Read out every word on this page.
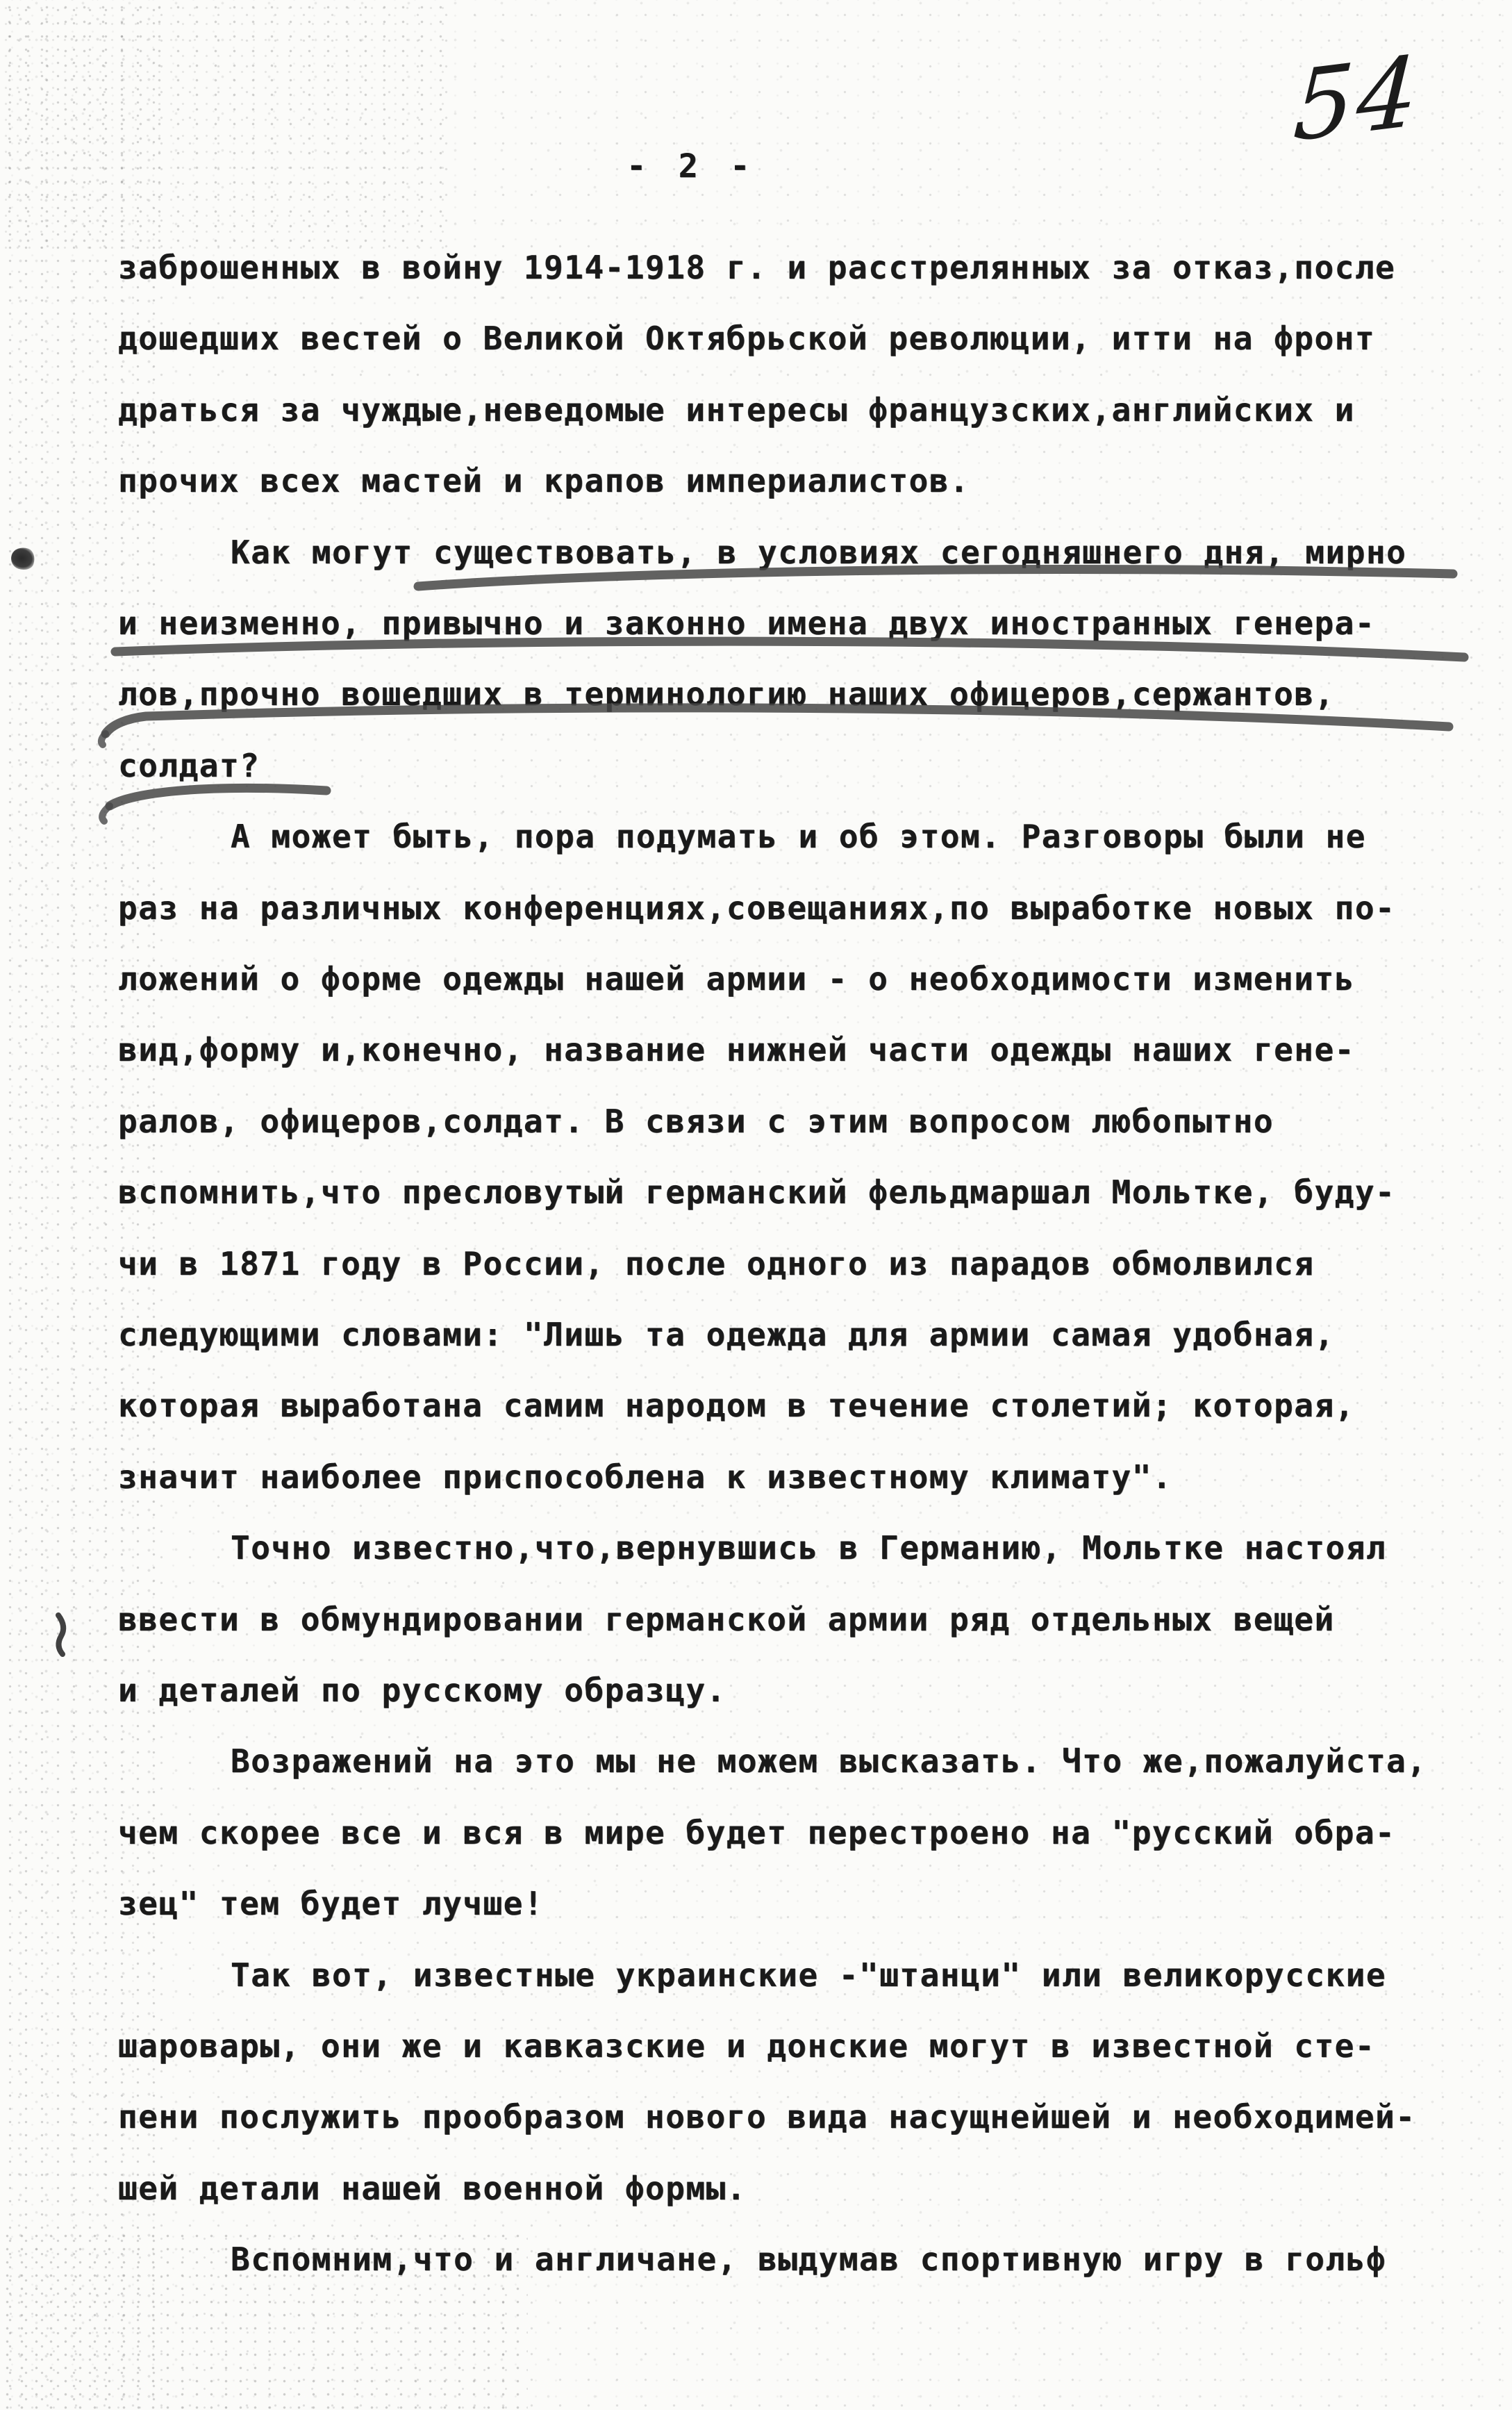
54
- 2 -
заброшенных в войну 1914-1918 г. и расстрелянных за отказ,после
дошедших вестей о Великой Октябрьской революции, итти на фронт
драться за чуждые,неведомые интересы французских,английских и
прочих всех мастей и крапов империалистов.
Как могут существовать, в условиях сегодняшнего дня, мирно
и неизменно, привычно и законно имена двух иностранных генера-
лов,прочно вошедших в терминологию наших офицеров,сержантов,
солдат?
А может быть, пора подумать и об этом. Разговоры были не
раз на различных конференциях,совещаниях,по выработке новых по-
ложений о форме одежды нашей армии - о необходимости изменить
вид,форму и,конечно, название нижней части одежды наших гене-
ралов, офицеров,солдат. В связи с этим вопросом любопытно
вспомнить,что пресловутый германский фельдмаршал Мольтке, буду-
чи в 1871 году в России, после одного из парадов обмолвился
следующими словами: "Лишь та одежда для армии самая удобная,
которая выработана самим народом в течение столетий; которая,
значит наиболее приспособлена к известному климату".
Точно известно,что,вернувшись в Германию, Мольтке настоял
ввести в обмундировании германской армии ряд отдельных вещей
и деталей по русскому образцу.
Возражений на это мы не можем высказать. Что же,пожалуйста,
чем скорее все и вся в мире будет перестроено на "русский обра-
зец" тем будет лучше!
Так вот, известные украинские -"штанци" или великорусские
шаровары, они же и кавказские и донские могут в известной сте-
пени послужить прообразом нового вида насущнейшей и необходимей-
шей детали нашей военной формы.
Вспомним,что и англичане, выдумав спортивную игру в гольф
